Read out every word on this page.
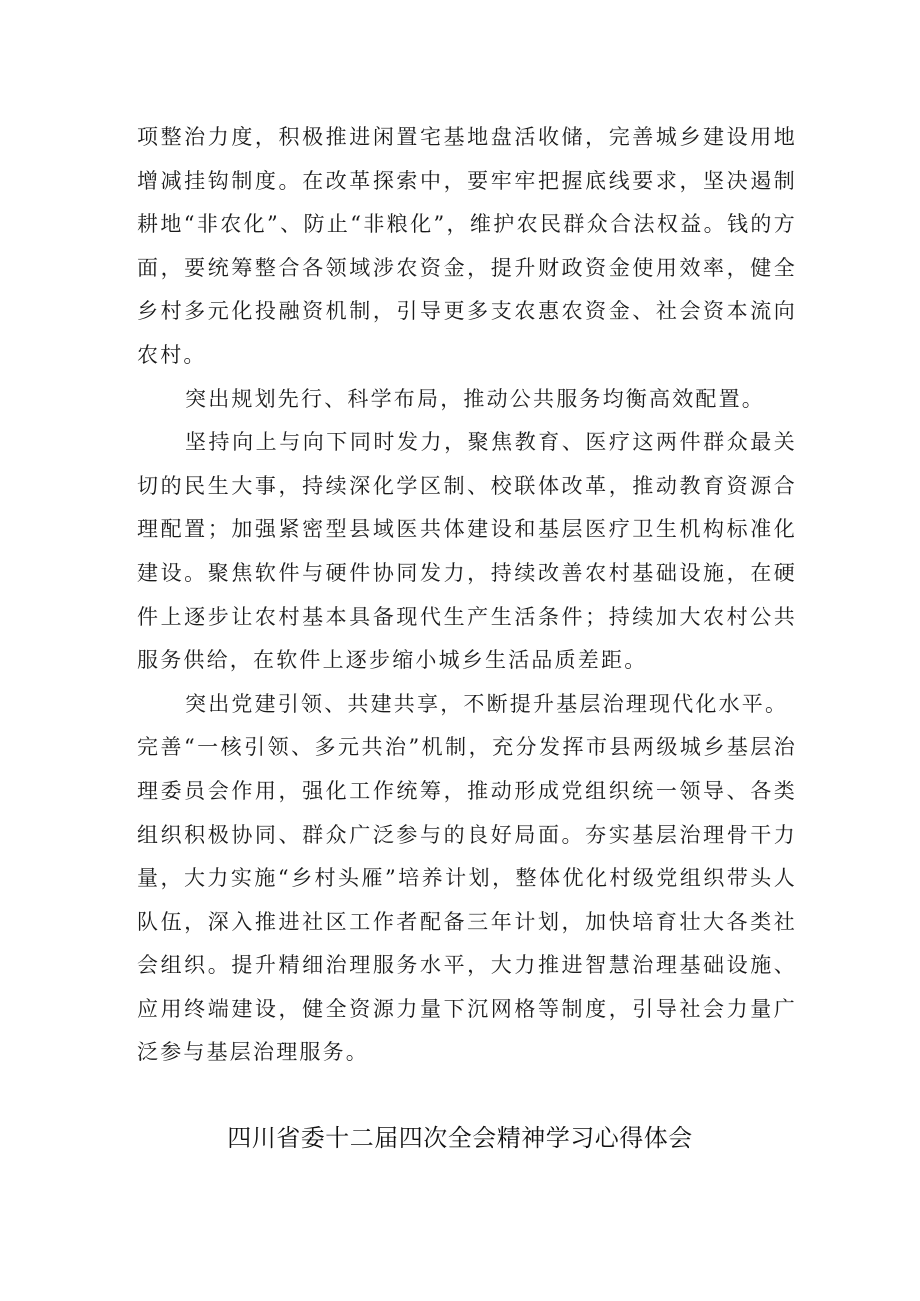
项整治力度，积极推进闲置宅基地盘活收储，完善城乡建设用地增减挂钩制度。在改革探索中，要牢牢把握底线要求，坚决遏制耕地“非农化”、防止“非粮化”，维护农民群众合法权益。钱的方面，要统筹整合各领域涉农资金，提升财政资金使用效率，健全乡村多元化投融资机制，引导更多支农惠农资金、社会资本流向农村。

突出规划先行、科学布局，推动公共服务均衡高效配置。

坚持向上与向下同时发力，聚焦教育、医疗这两件群众最关切的民生大事，持续深化学区制、校联体改革，推动教育资源合理配置；加强紧密型县域医共体建设和基层医疗卫生机构标准化建设。聚焦软件与硬件协同发力，持续改善农村基础设施，在硬件上逐步让农村基本具备现代生产生活条件；持续加大农村公共服务供给，在软件上逐步缩小城乡生活品质差距。

突出党建引领、共建共享，不断提升基层治理现代化水平。

完善“一核引领、多元共治”机制，充分发挥市县两级城乡基层治理委员会作用，强化工作统筹，推动形成党组织统一领导、各类组织积极协同、群众广泛参与的良好局面。夯实基层治理骨干力量，大力实施“乡村头雁”培养计划，整体优化村级党组织带头人队伍，深入推进社区工作者配备三年计划，加快培育壮大各类社会组织。提升精细治理服务水平，大力推进智慧治理基础设施、应用终端建设，健全资源力量下沉网格等制度，引导社会力量广泛参与基层治理服务。

四川省委十二届四次全会精神学习心得体会
